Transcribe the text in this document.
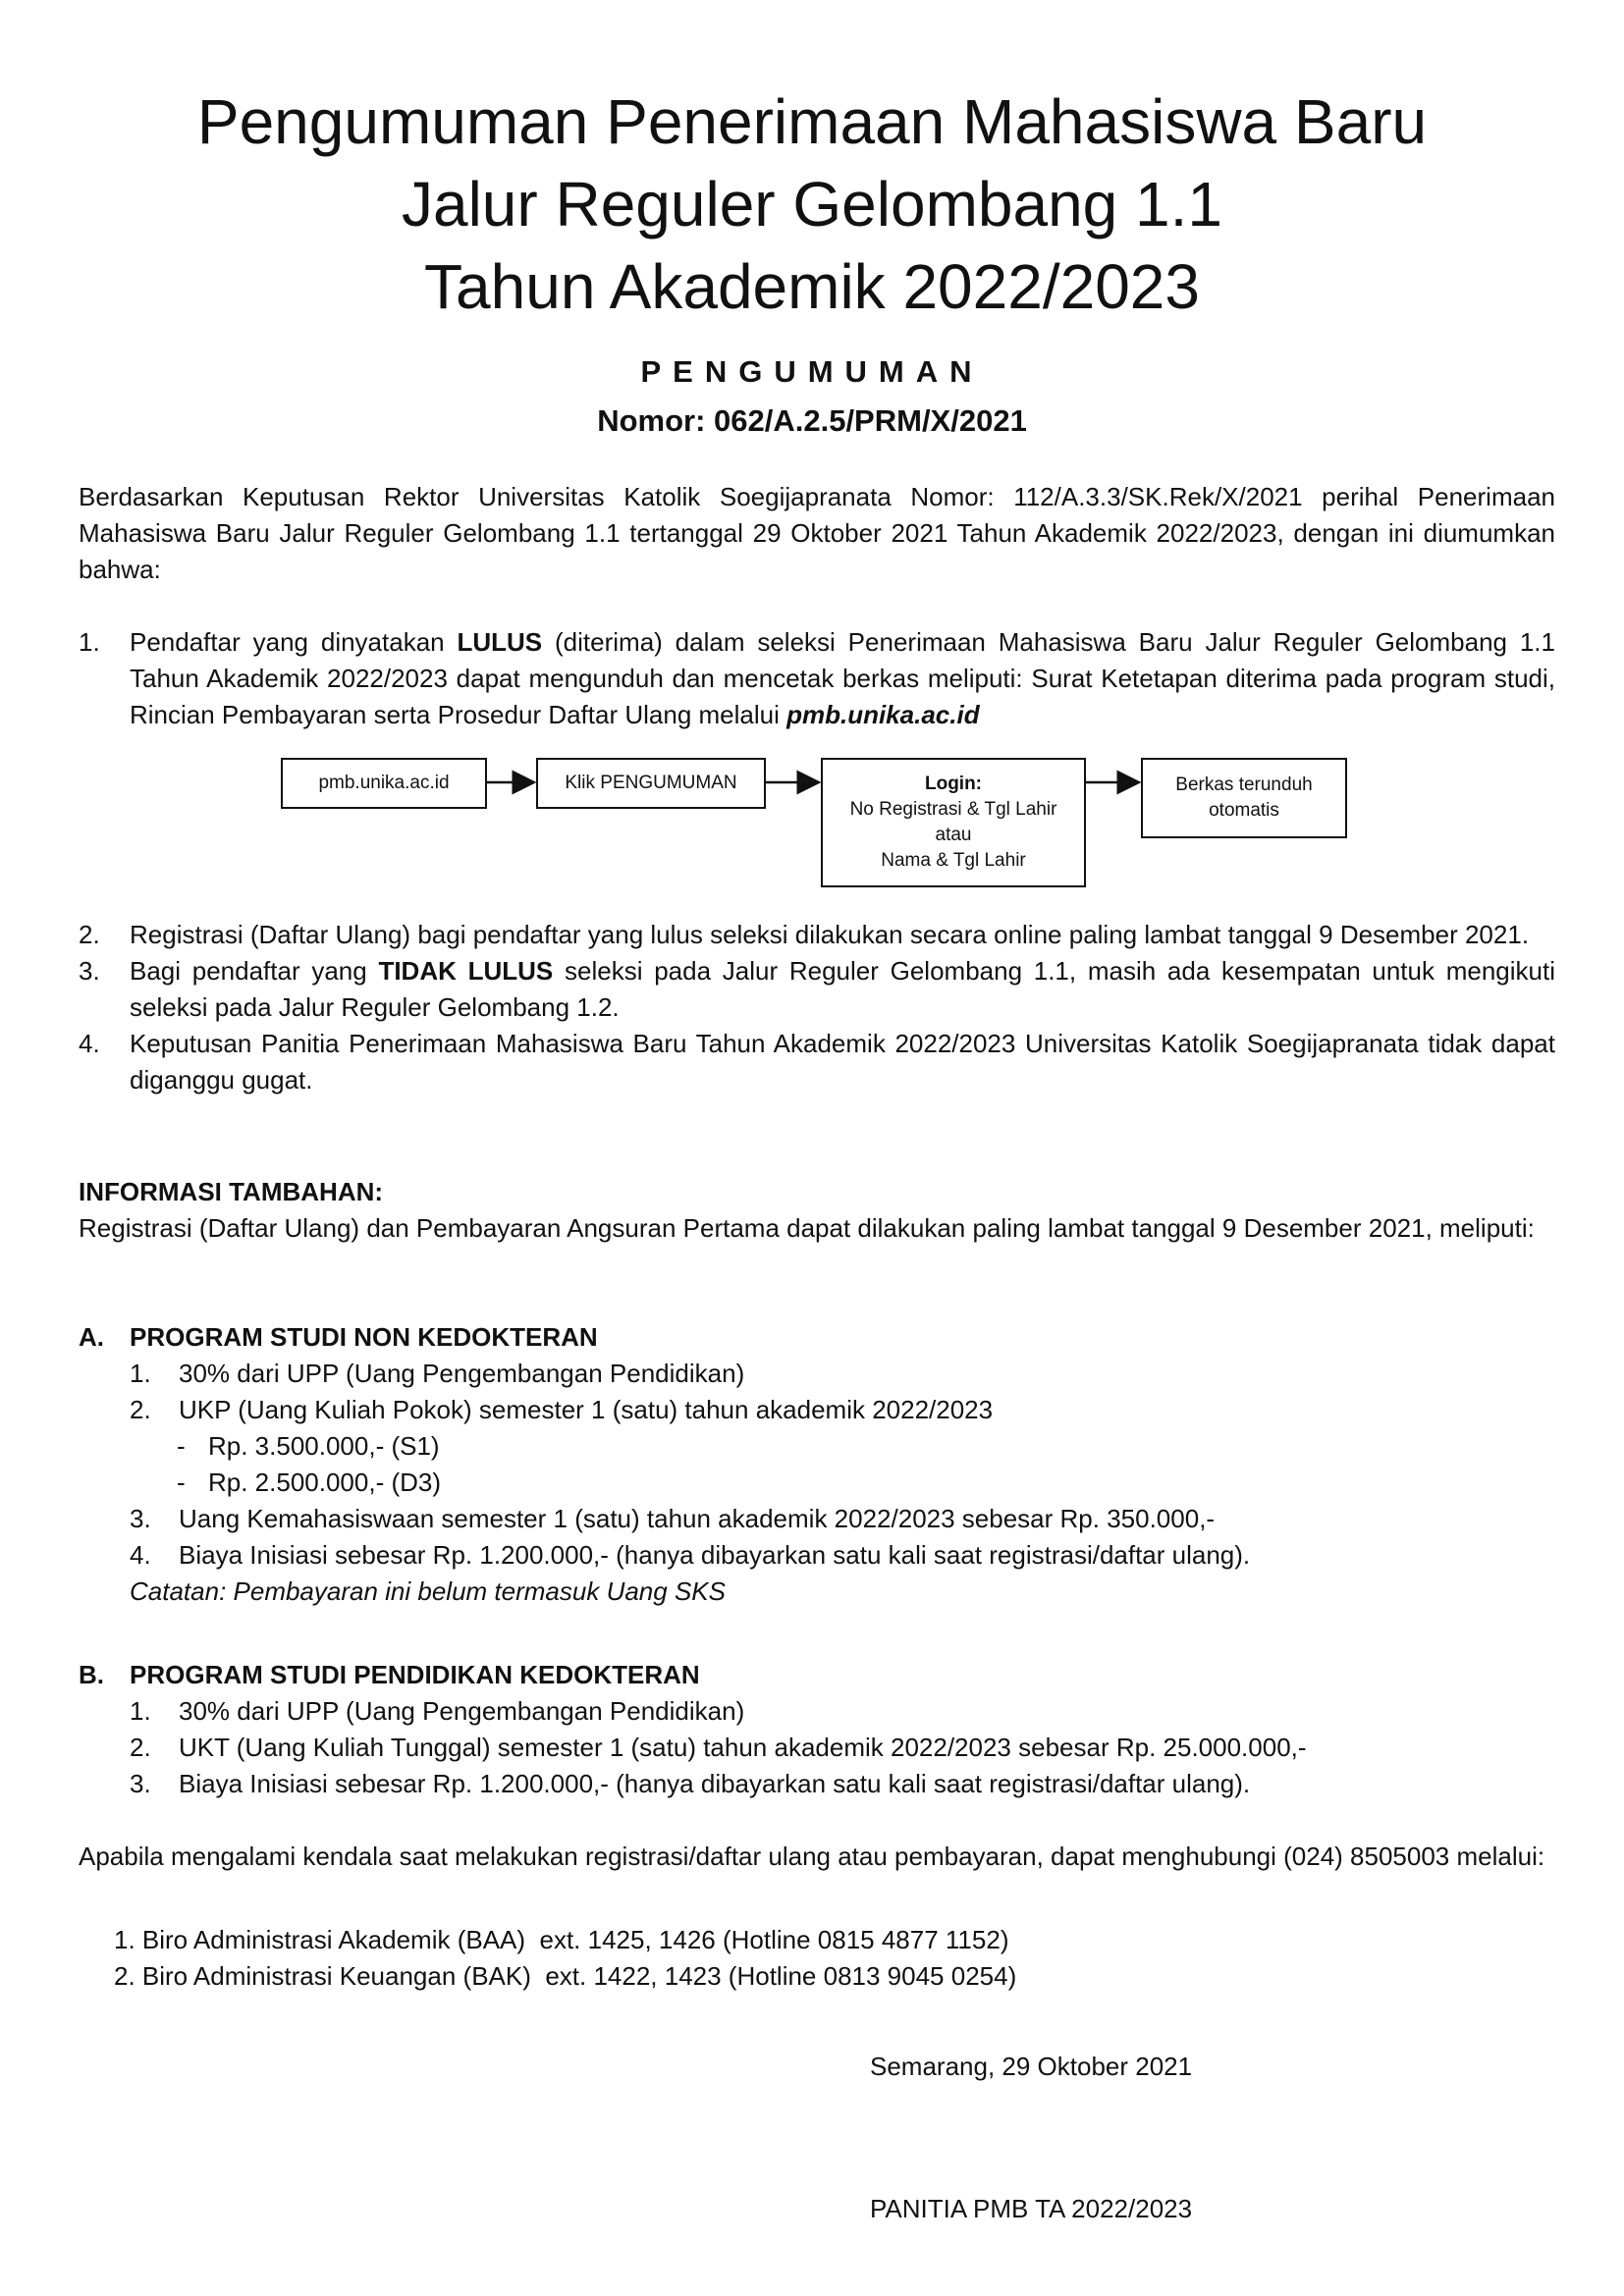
Pengumuman Penerimaan Mahasiswa Baru
Jalur Reguler Gelombang 1.1
Tahun Akademik 2022/2023
PENGUMUMAN
Nomor: 062/A.2.5/PRM/X/2021
Berdasarkan Keputusan Rektor Universitas Katolik Soegijapranata Nomor: 112/A.3.3/SK.Rek/X/2021 perihal Penerimaan Mahasiswa Baru Jalur Reguler Gelombang 1.1 tertanggal 29 Oktober 2021 Tahun Akademik 2022/2023, dengan ini diumumkan bahwa:
1. Pendaftar yang dinyatakan LULUS (diterima) dalam seleksi Penerimaan Mahasiswa Baru Jalur Reguler Gelombang 1.1 Tahun Akademik 2022/2023 dapat mengunduh dan mencetak berkas meliputi: Surat Ketetapan diterima pada program studi, Rincian Pembayaran serta Prosedur Daftar Ulang melalui pmb.unika.ac.id
pmb.unika.ac.id	Klik PENGUMUMAN	Login:
No Registrasi & Tgl Lahir
atau
Nama & Tgl Lahir
Berkas terunduh
otomatis
2. Registrasi (Daftar Ulang) bagi pendaftar yang lulus seleksi dilakukan secara online paling lambat tanggal 9 Desember 2021.
3. Bagi pendaftar yang TIDAK LULUS seleksi pada Jalur Reguler Gelombang 1.1, masih ada kesempatan untuk mengikuti seleksi pada Jalur Reguler Gelombang 1.2.
4. Keputusan Panitia Penerimaan Mahasiswa Baru Tahun Akademik 2022/2023 Universitas Katolik Soegijapranata tidak dapat diganggu gugat.
INFORMASI TAMBAHAN:
Registrasi (Daftar Ulang) dan Pembayaran Angsuran Pertama dapat dilakukan paling lambat tanggal 9 Desember 2021, meliputi:
A. PROGRAM STUDI NON KEDOKTERAN
1. 30% dari UPP (Uang Pengembangan Pendidikan)
2. UKP (Uang Kuliah Pokok) semester 1 (satu) tahun akademik 2022/2023
- Rp. 3.500.000,- (S1)
- Rp. 2.500.000,- (D3)
3. Uang Kemahasiswaan semester 1 (satu) tahun akademik 2022/2023 sebesar Rp. 350.000,-
4. Biaya Inisiasi sebesar Rp. 1.200.000,- (hanya dibayarkan satu kali saat registrasi/daftar ulang).
Catatan: Pembayaran ini belum termasuk Uang SKS
B. PROGRAM STUDI PENDIDIKAN KEDOKTERAN
1. 30% dari UPP (Uang Pengembangan Pendidikan)
2. UKT (Uang Kuliah Tunggal) semester 1 (satu) tahun akademik 2022/2023 sebesar Rp. 25.000.000,-
3. Biaya Inisiasi sebesar Rp. 1.200.000,- (hanya dibayarkan satu kali saat registrasi/daftar ulang).
Apabila mengalami kendala saat melakukan registrasi/daftar ulang atau pembayaran, dapat menghubungi (024) 8505003 melalui:
1. Biro Administrasi Akademik (BAA)  ext. 1425, 1426 (Hotline 0815 4877 1152)
2. Biro Administrasi Keuangan (BAK)  ext. 1422, 1423 (Hotline 0813 9045 0254)
Semarang, 29 Oktober 2021
PANITIA PMB TA 2022/2023
